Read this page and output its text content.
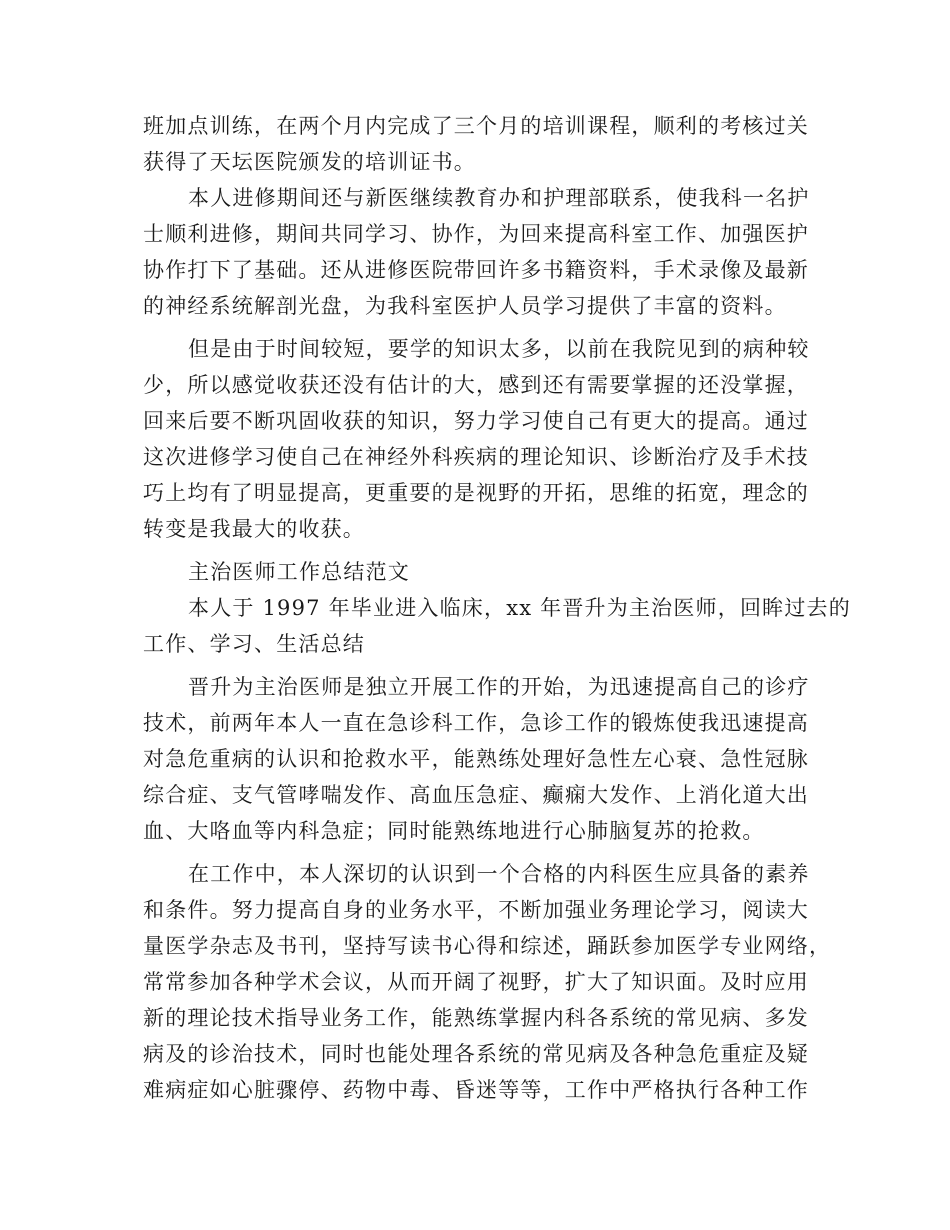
班加点训练，在两个月内完成了三个月的培训课程，顺利的考核过关
获得了天坛医院颁发的培训证书。
本人进修期间还与新医继续教育办和护理部联系，使我科一名护
士顺利进修，期间共同学习、协作，为回来提高科室工作、加强医护
协作打下了基础。还从进修医院带回许多书籍资料，手术录像及最新
的神经系统解剖光盘，为我科室医护人员学习提供了丰富的资料。
但是由于时间较短，要学的知识太多，以前在我院见到的病种较
少，所以感觉收获还没有估计的大，感到还有需要掌握的还没掌握，
回来后要不断巩固收获的知识，努力学习使自己有更大的提高。通过
这次进修学习使自己在神经外科疾病的理论知识、诊断治疗及手术技
巧上均有了明显提高，更重要的是视野的开拓，思维的拓宽，理念的
转变是我最大的收获。
主治医师工作总结范文
本人于 1997 年毕业进入临床，xx 年晋升为主治医师，回眸过去的
工作、学习、生活总结
晋升为主治医师是独立开展工作的开始，为迅速提高自己的诊疗
技术，前两年本人一直在急诊科工作，急诊工作的锻炼使我迅速提高
对急危重病的认识和抢救水平，能熟练处理好急性左心衰、急性冠脉
综合症、支气管哮喘发作、高血压急症、癫痫大发作、上消化道大出
血、大咯血等内科急症；同时能熟练地进行心肺脑复苏的抢救。
在工作中，本人深切的认识到一个合格的内科医生应具备的素养
和条件。努力提高自身的业务水平，不断加强业务理论学习，阅读大
量医学杂志及书刊，坚持写读书心得和综述，踊跃参加医学专业网络，
常常参加各种学术会议，从而开阔了视野，扩大了知识面。及时应用
新的理论技术指导业务工作，能熟练掌握内科各系统的常见病、多发
病及的诊治技术，同时也能处理各系统的常见病及各种急危重症及疑
难病症如心脏骤停、药物中毒、昏迷等等，工作中严格执行各种工作
